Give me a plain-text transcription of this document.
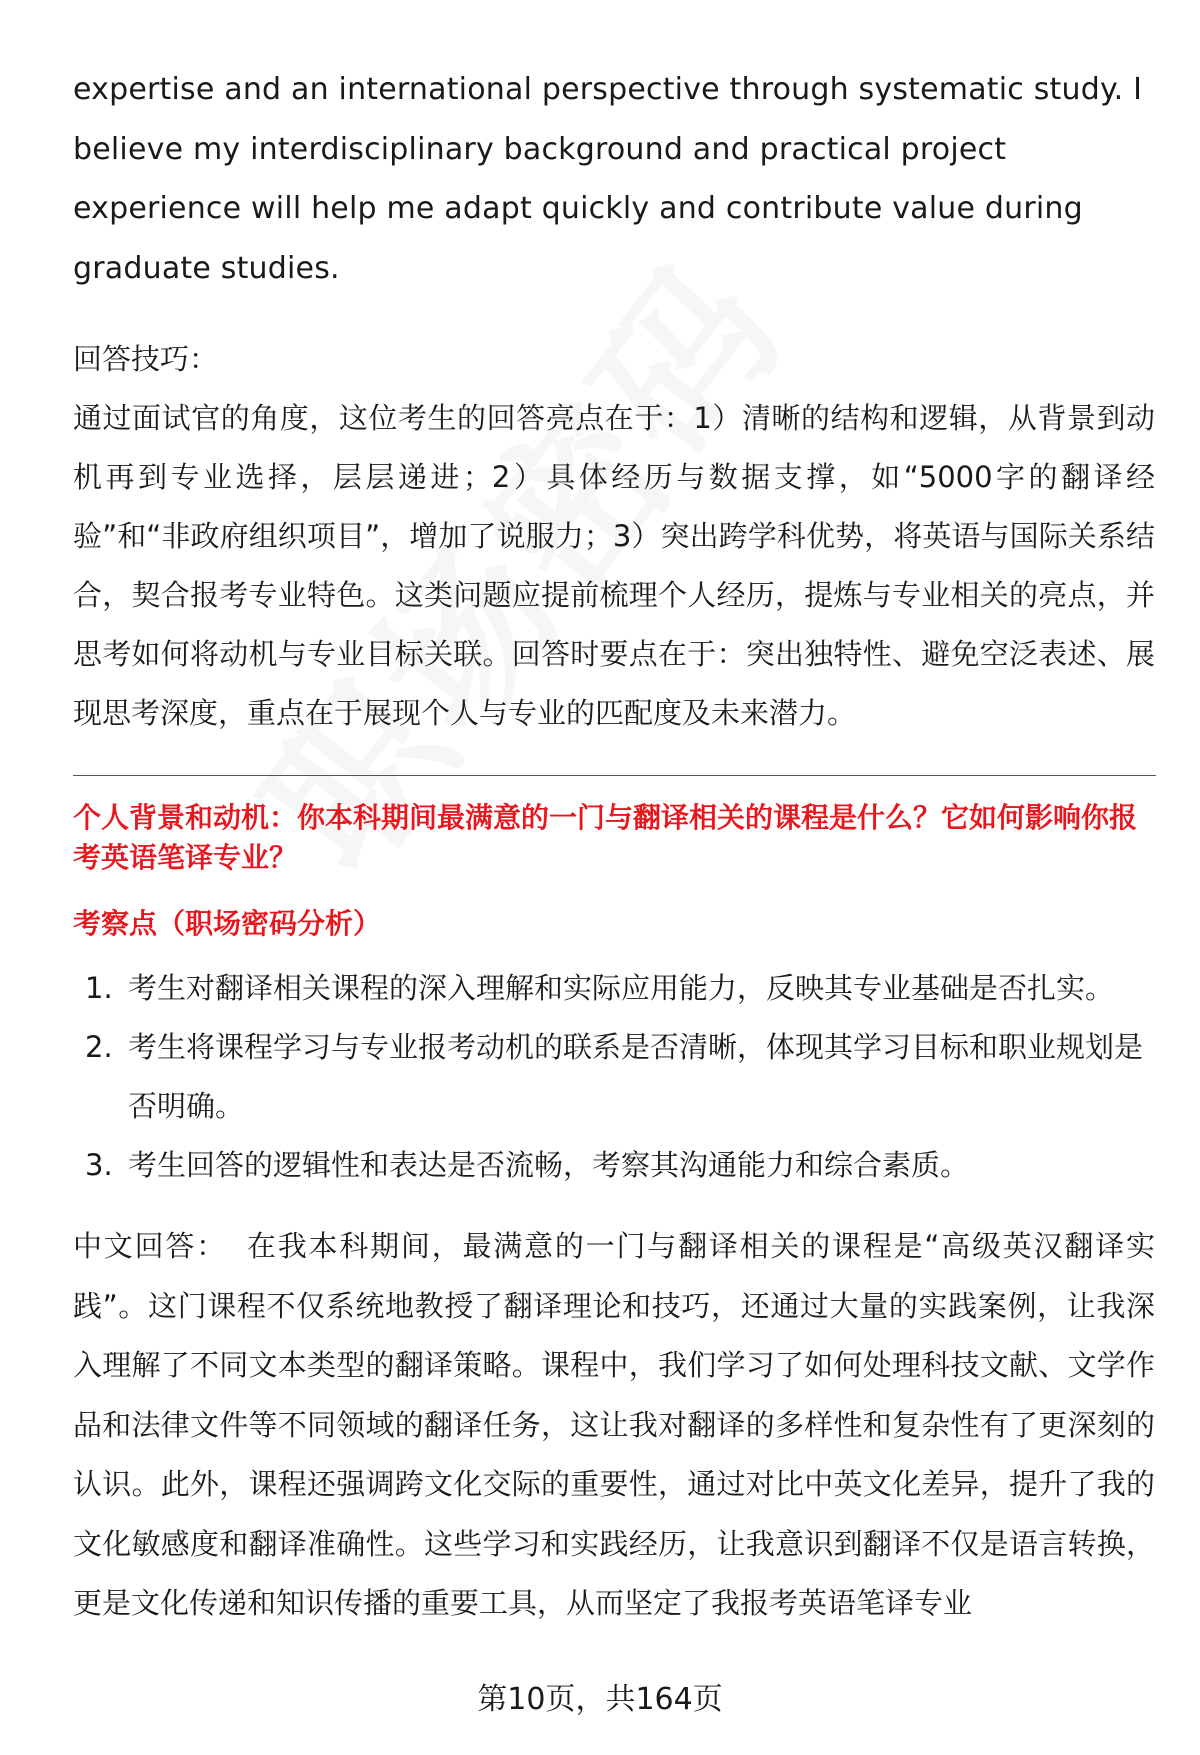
expertise and an international perspective through systematic study. I believe my interdisciplinary background and practical project experience will help me adapt quickly and contribute value during graduate studies.

回答技巧：

通过面试官的角度，这位考生的回答亮点在于：1）清晰的结构和逻辑，从背景到动机再到专业选择，层层递进；2）具体经历与数据支撑，如“5000字的翻译经验”和“非政府组织项目”，增加了说服力；3）突出跨学科优势，将英语与国际关系结合，契合报考专业特色。这类问题应提前梳理个人经历，提炼与专业相关的亮点，并思考如何将动机与专业目标关联。回答时要点在于：突出独特性、避免空泛表述、展现思考深度，重点在于展现个人与专业的匹配度及未来潜力。

个人背景和动机：你本科期间最满意的一门与翻译相关的课程是什么？它如何影响你报考英语笔译专业？

考察点（职场密码分析）
1. 考生对翻译相关课程的深入理解和实际应用能力，反映其专业基础是否扎实。
2. 考生将课程学习与专业报考动机的联系是否清晰，体现其学习目标和职业规划是否明确。
3. 考生回答的逻辑性和表达是否流畅，考察其沟通能力和综合素质。

中文回答： 在我本科期间，最满意的一门与翻译相关的课程是“高级英汉翻译实践”。这门课程不仅系统地教授了翻译理论和技巧，还通过大量的实践案例，让我深入理解了不同文本类型的翻译策略。课程中，我们学习了如何处理科技文献、文学作品和法律文件等不同领域的翻译任务，这让我对翻译的多样性和复杂性有了更深刻的认识。此外，课程还强调跨文化交际的重要性，通过对比中英文化差异，提升了我的文化敏感度和翻译准确性。这些学习和实践经历，让我意识到翻译不仅是语言转换，更是文化传递和知识传播的重要工具，从而坚定了我报考英语笔译专业

第10页，共164页
